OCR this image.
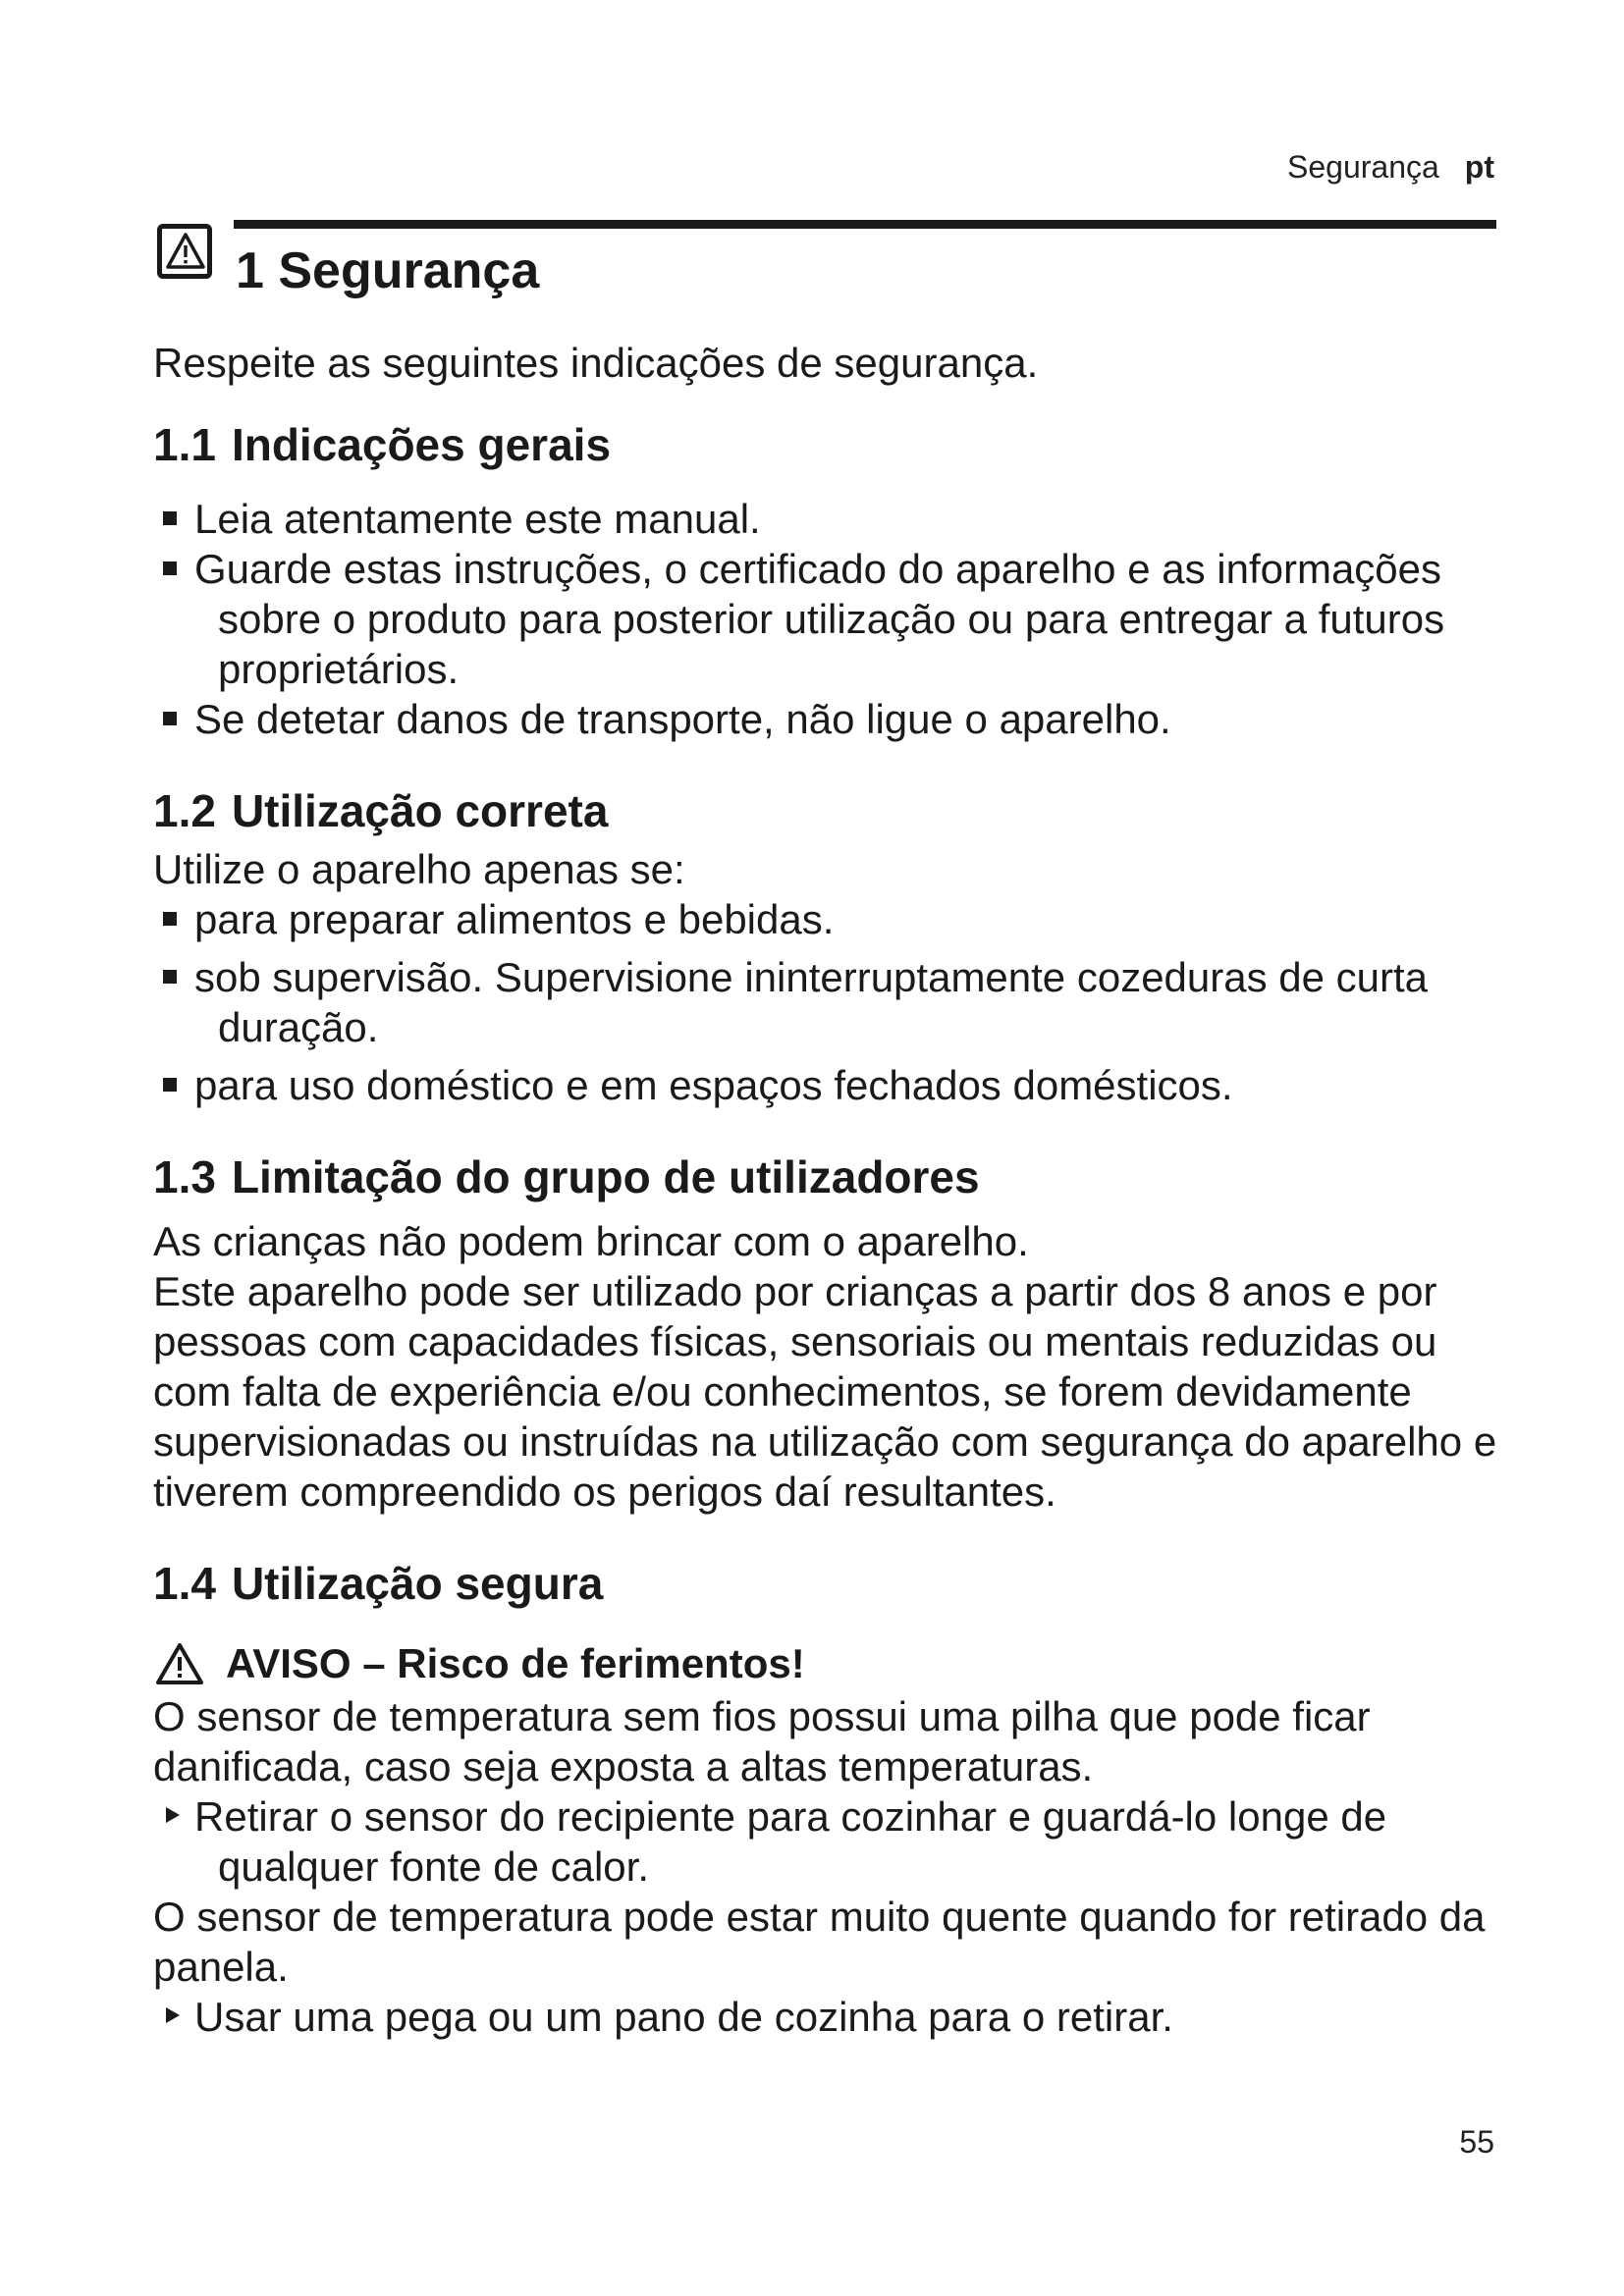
Segurança pt
1 Segurança

Respeite as seguintes indicações de segurança.

1.1 Indicações gerais
Leia atentamente este manual.
Guarde estas instruções, o certificado do aparelho e as informações sobre o produto para posterior utilização ou para entregar a futuros proprietários.
Se detetar danos de transporte, não ligue o aparelho.
1.2 Utilização correta

Utilize o aparelho apenas se:

para preparar alimentos e bebidas.
sob supervisão. Supervisione ininterruptamente cozeduras de curta duração.
para uso doméstico e em espaços fechados domésticos.
1.3 Limitação do grupo de utilizadores

As crianças não podem brincar com o aparelho.

Este aparelho pode ser utilizado por crianças a partir dos 8 anos e por pessoas com capacidades físicas, sensoriais ou mentais reduzidas ou com falta de experiência e/ou conhecimentos, se forem devidamente supervisionadas ou instruídas na utilização com segurança do aparelho e tiverem compreendido os perigos daí resultantes.

1.4 Utilização segura
AVISO – Risco de ferimentos!

O sensor de temperatura sem fios possui uma pilha que pode ficar danificada, caso seja exposta a altas temperaturas.

Retirar o sensor do recipiente para cozinhar e guardá-lo longe de qualquer fonte de calor.

O sensor de temperatura pode estar muito quente quando for retirado da panela.

Usar uma pega ou um pano de cozinha para o retirar.
55
